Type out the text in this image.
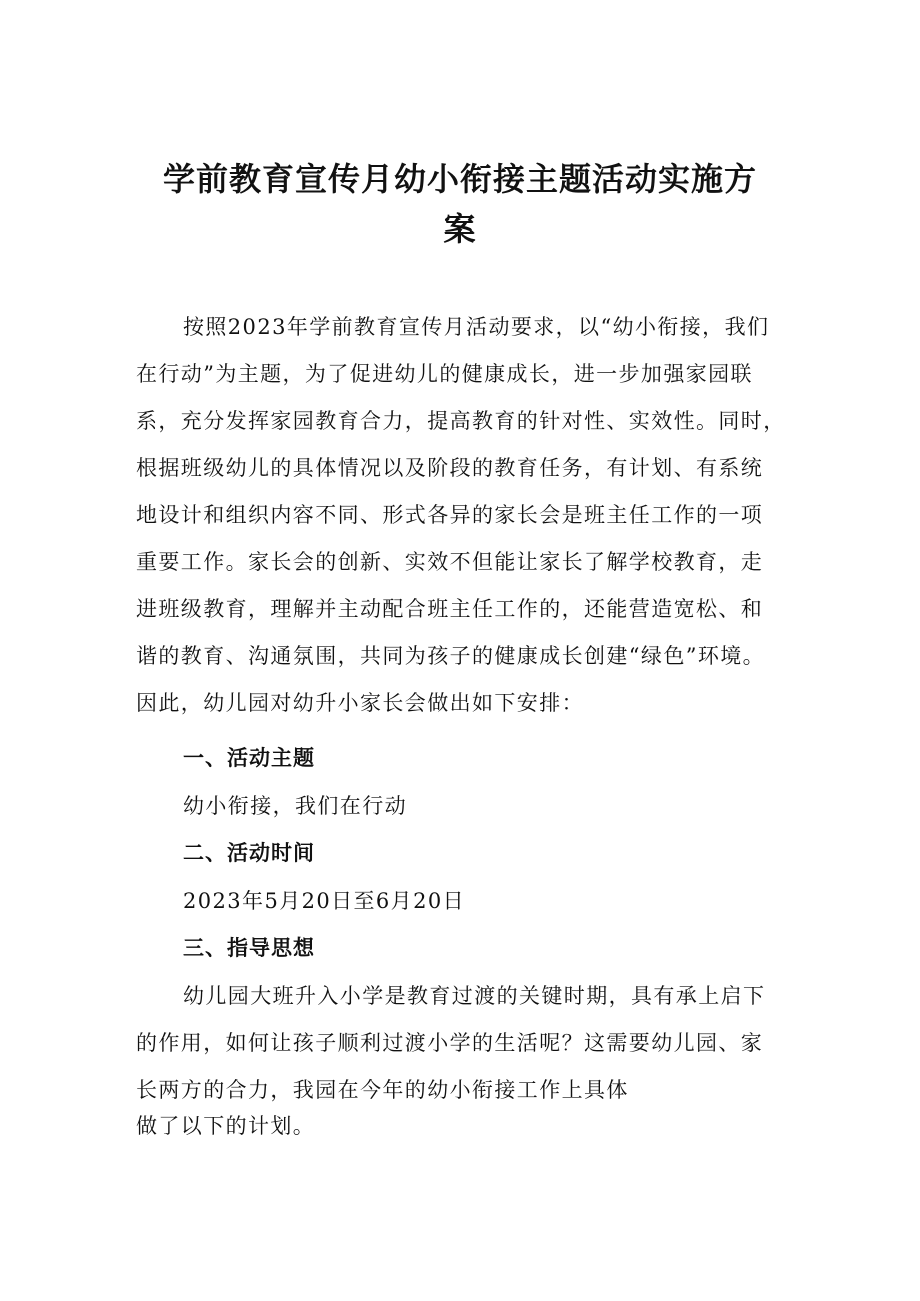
学前教育宣传月幼小衔接主题活动实施方
案
按照2023年学前教育宣传月活动要求，以“幼小衔接，我们
在行动”为主题，为了促进幼儿的健康成长，进一步加强家园联
系，充分发挥家园教育合力，提高教育的针对性、实效性。同时，
根据班级幼儿的具体情况以及阶段的教育任务，有计划、有系统
地设计和组织内容不同、形式各异的家长会是班主任工作的一项
重要工作。家长会的创新、实效不但能让家长了解学校教育，走
进班级教育，理解并主动配合班主任工作的，还能营造宽松、和
谐的教育、沟通氛围，共同为孩子的健康成长创建“绿色”环境。
因此，幼儿园对幼升小家长会做出如下安排：
一、活动主题
幼小衔接，我们在行动
二、活动时间
2023年5月20日至6月20日
三、指导思想
幼儿园大班升入小学是教育过渡的关键时期，具有承上启下
的作用，如何让孩子顺利过渡小学的生活呢？这需要幼儿园、家
长两方的合力，我园在今年的幼小衔接工作上具体
做了以下的计划。
